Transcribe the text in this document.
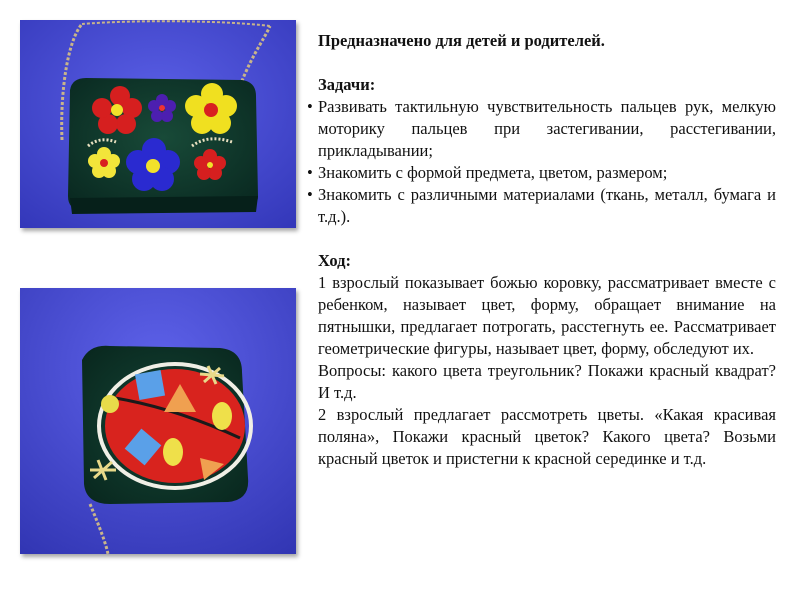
Предназначено для детей и родителей.

Задачи:

• Развивать тактильную чувствительность пальцев рук, мелкую моторику пальцев при застегивании, расстегивании, прикладывании;
• Знакомить с формой предмета, цветом, размером;
• Знакомить с различными материалами (ткань, металл, бумага и т.д.).

Ход:

1 взрослый показывает божью коровку, рассматривает вместе с ребенком, называет цвет, форму, обращает внимание на пятнышки, предлагает потрогать, расстегнуть ее. Рассматривает геометрические фигуры, называет цвет, форму, обследуют их.

Вопросы: какого цвета треугольник? Покажи красный квадрат? И т.д.

2 взрослый предлагает рассмотреть цветы. «Какая красивая поляна», Покажи красный цветок? Какого цвета? Возьми красный цветок и пристегни к красной серединке и т.д.
